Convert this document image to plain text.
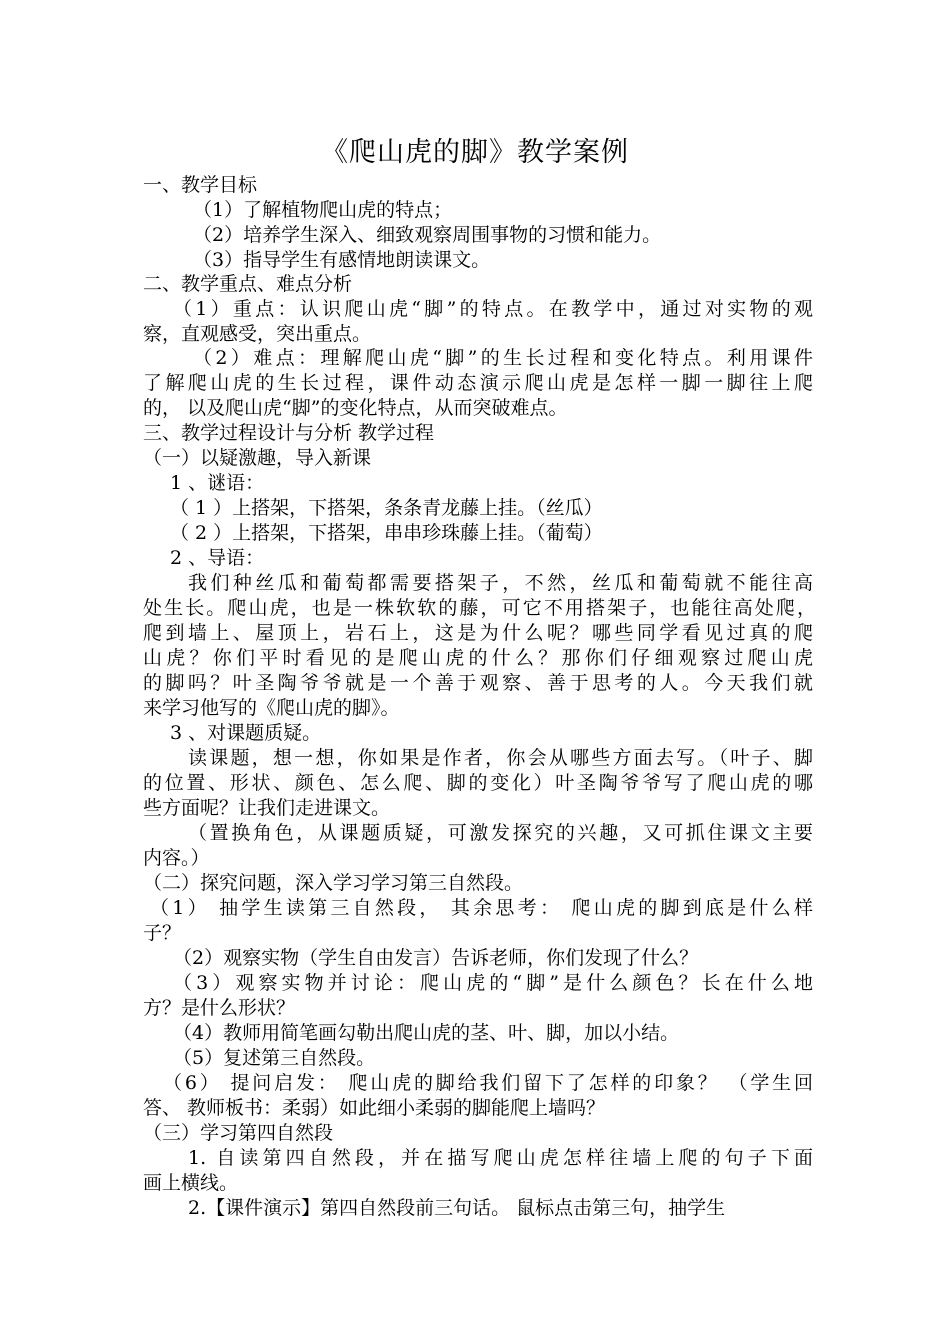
《爬山虎的脚》教学案例
一、教学目标
（1）了解植物爬山虎的特点；
（2）培养学生深入、细致观察周围事物的习惯和能力。
（3）指导学生有感情地朗读课文。
二、教学重点、难点分析
（1）重点：认识爬山虎“脚”的特点。在教学中，通过对实物的观
察，直观感受，突出重点。
（2）难点：理解爬山虎“脚”的生长过程和变化特点。利用课件
了解爬山虎的生长过程，课件动态演示爬山虎是怎样一脚一脚往上爬
的， 以及爬山虎“脚”的变化特点，从而突破难点。
三、教学过程设计与分析 教学过程
（一）以疑激趣，导入新课
1 、谜语：
（ 1 ）上搭架，下搭架，条条青龙藤上挂。（丝瓜）
（ 2 ）上搭架，下搭架，串串珍珠藤上挂。（葡萄）
2 、导语：
我们种丝瓜和葡萄都需要搭架子，不然，丝瓜和葡萄就不能往高
处生长。爬山虎，也是一株软软的藤，可它不用搭架子，也能往高处爬，
爬到墙上、屋顶上，岩石上，这是为什么呢？哪些同学看见过真的爬
山虎？你们平时看见的是爬山虎的什么？那你们仔细观察过爬山虎
的脚吗？叶圣陶爷爷就是一个善于观察、善于思考的人。今天我们就
来学习他写的《爬山虎的脚》。
3 、对课题质疑。
读课题，想一想，你如果是作者，你会从哪些方面去写。（叶子、脚
的位置、形状、颜色、怎么爬、脚的变化）叶圣陶爷爷写了爬山虎的哪
些方面呢？让我们走进课文。
（置换角色，从课题质疑，可激发探究的兴趣，又可抓住课文主要
内容。）
（二）探究问题，深入学习学习第三自然段。
（1） 抽学生读第三自然段， 其余思考： 爬山虎的脚到底是什么样
子？
（2）观察实物（学生自由发言）告诉老师，你们发现了什么？
（3）观察实物并讨论：爬山虎的“脚”是什么颜色？长在什么地
方？是什么形状？
（4）教师用简笔画勾勒出爬山虎的茎、叶、脚，加以小结。
（5）复述第三自然段。
（6） 提问启发： 爬山虎的脚给我们留下了怎样的印象？ （学生回
答、 教师板书：柔弱）如此细小柔弱的脚能爬上墙吗？
（三）学习第四自然段
1. 自读第四自然段，并在描写爬山虎怎样往墙上爬的句子下面
画上横线。
2.【课件演示】第四自然段前三句话。 鼠标点击第三句，抽学生
